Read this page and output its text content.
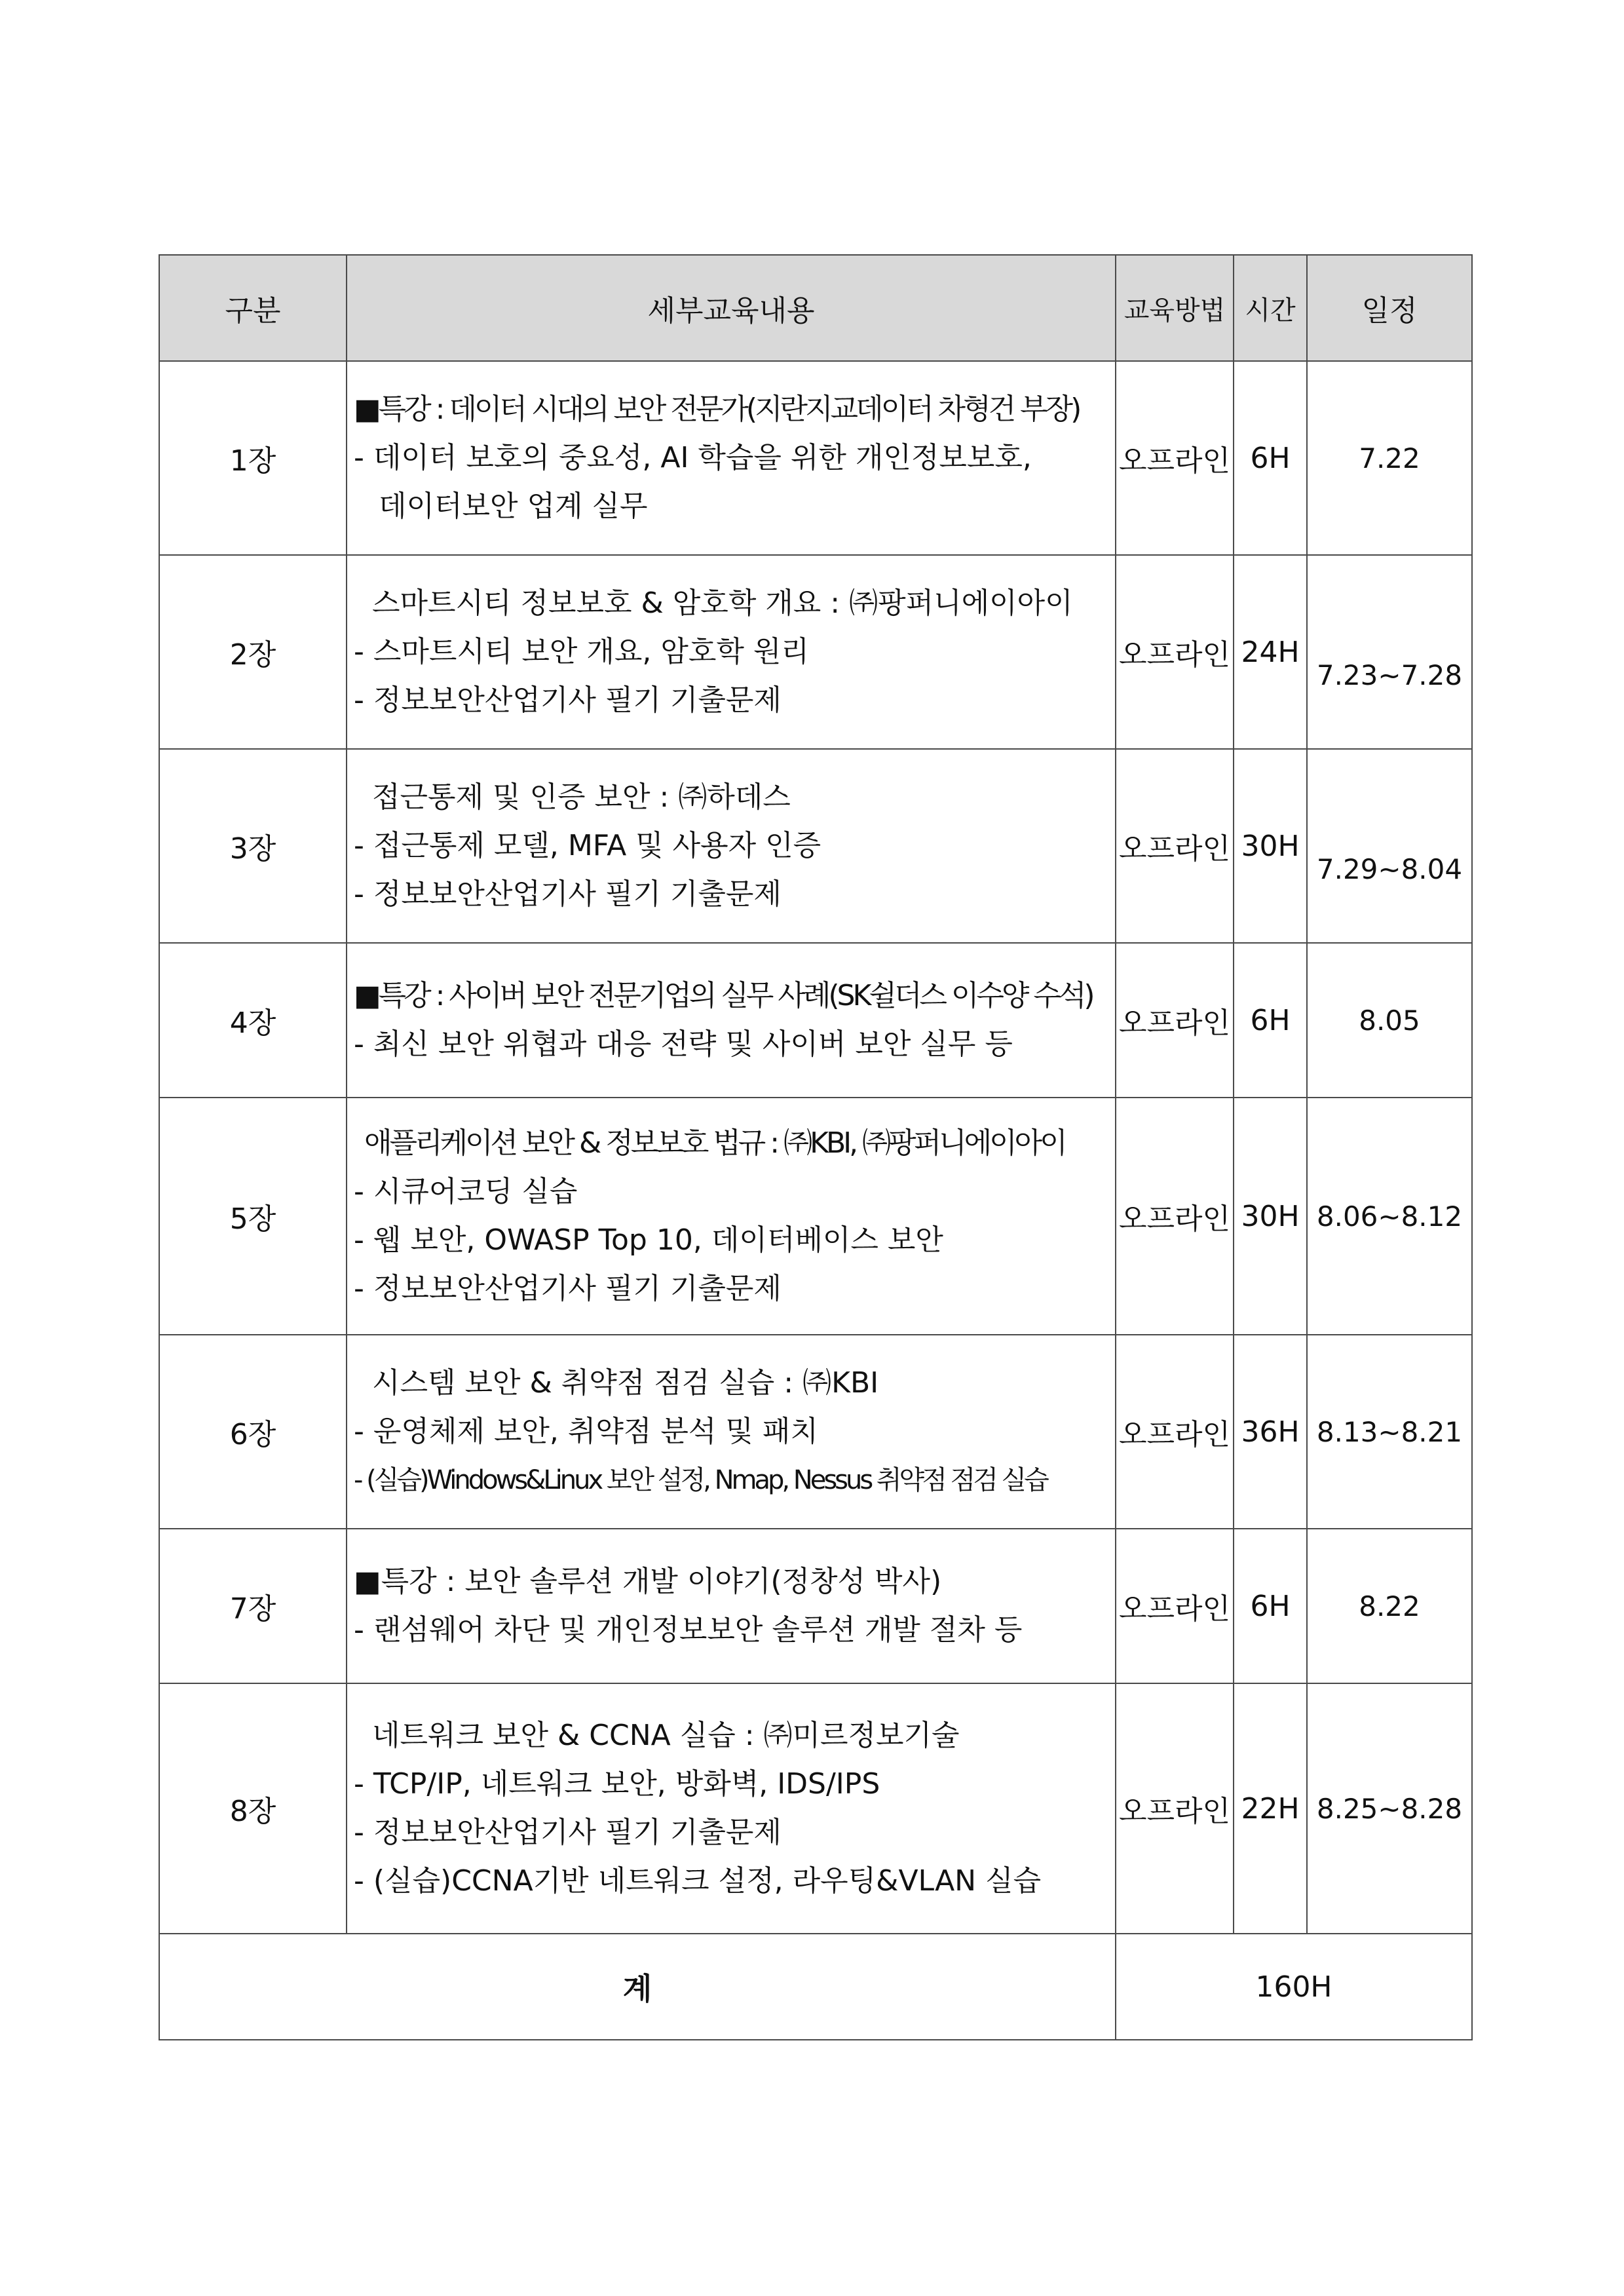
구분	세부교육내용	교육방법	시간	일정
1장	■특강 : 데이터 시대의 보안 전문가(지란지교데이터 차형건 부장)
- 데이터 보호의 중요성, AI 학습을 위한 개인정보보호,
데이터보안 업계 실무	오프라인	6H	7.22
2장	스마트시티 정보보호 & 암호학 개요 : ㈜팡퍼니에이아이
- 스마트시티 보안 개요, 암호학 원리
- 정보보안산업기사 필기 기출문제	오프라인	24H	7.23~7.28
3장	접근통제 및 인증 보안 : ㈜하데스
- 접근통제 모델, MFA 및 사용자 인증
- 정보보안산업기사 필기 기출문제	오프라인	30H	7.29~8.04
4장	■특강 : 사이버 보안 전문기업의 실무 사례(SK쉴더스 이수양 수석)
- 최신 보안 위협과 대응 전략 및 사이버 보안 실무 등	오프라인	6H	8.05
5장	애플리케이션 보안 & 정보보호 법규 : ㈜KBI, ㈜팡퍼니에이아이
- 시큐어코딩 실습
- 웹 보안, OWASP Top 10, 데이터베이스 보안
- 정보보안산업기사 필기 기출문제	오프라인	30H	8.06~8.12
6장	시스템 보안 & 취약점 점검 실습 : ㈜KBI
- 운영체제 보안, 취약점 분석 및 패치
- (실습)Windows&Linux 보안 설정, Nmap, Nessus 취약점 점검 실습	오프라인	36H	8.13~8.21
7장	■특강 : 보안 솔루션 개발 이야기(정창성 박사)
- 랜섬웨어 차단 및 개인정보보안 솔루션 개발 절차 등	오프라인	6H	8.22
8장	네트워크 보안 & CCNA 실습 : ㈜미르정보기술
- TCP/IP, 네트워크 보안, 방화벽, IDS/IPS
- 정보보안산업기사 필기 기출문제
- (실습)CCNA기반 네트워크 설정, 라우팅&VLAN 실습	오프라인	22H	8.25~8.28
계		160H		
